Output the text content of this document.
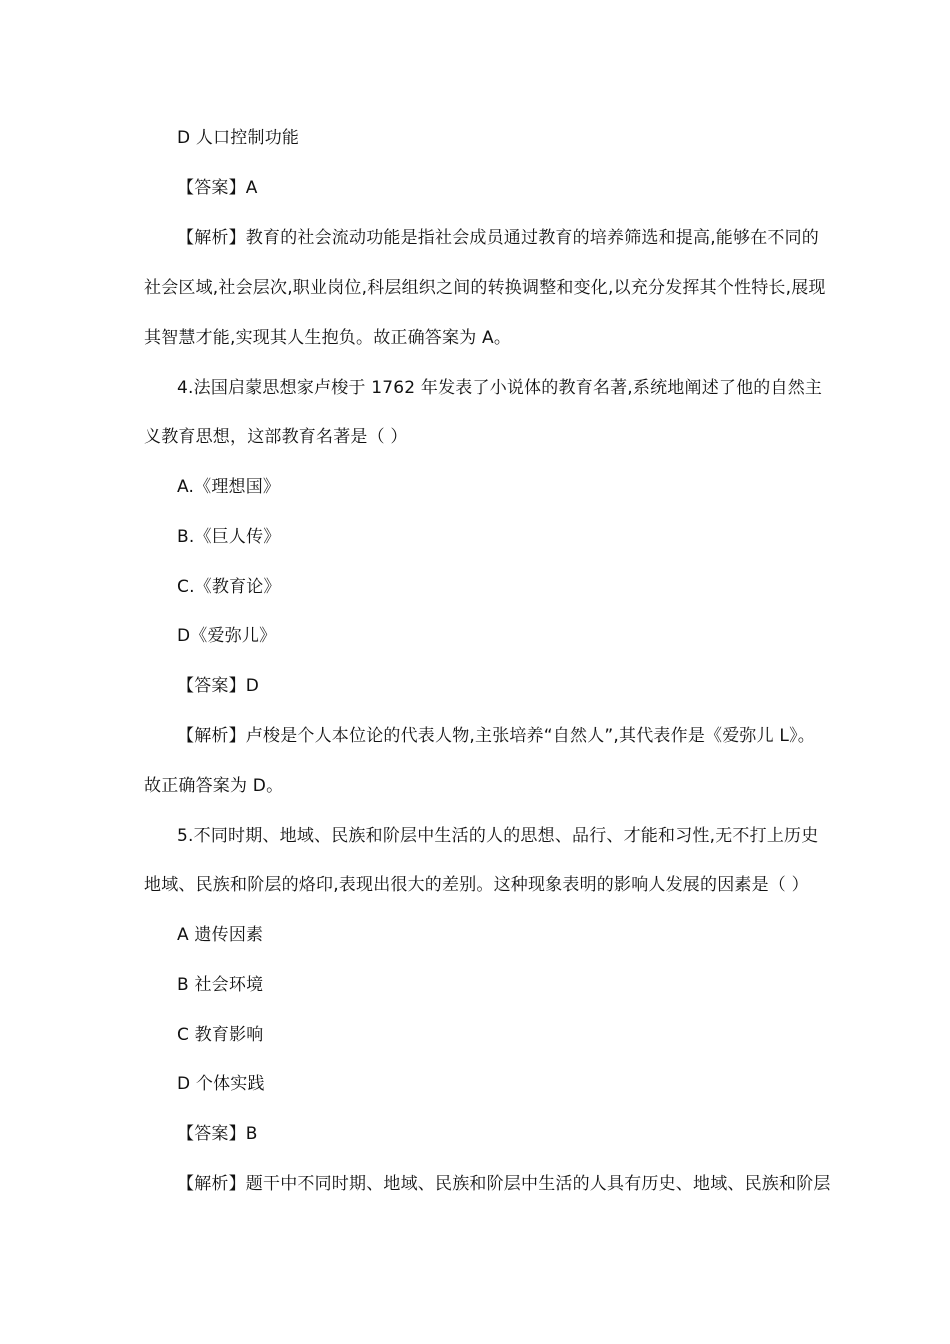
D 人口控制功能
【答案】A
【解析】教育的社会流动功能是指社会成员通过教育的培养筛选和提高,能够在不同的
社会区域,社会层次,职业岗位,科层组织之间的转换调整和变化,以充分发挥其个性特长,展现
其智慧才能,实现其人生抱负。故正确答案为 A。
4.法国启蒙思想家卢梭于 1762 年发表了小说体的教育名著,系统地阐述了他的自然主
义教育思想，这部教育名著是（ ）
A.《理想国》
B.《巨人传》
C.《教育论》
D《爱弥儿》
【答案】D
【解析】卢梭是个人本位论的代表人物,主张培养“自然人”,其代表作是《爱弥儿 L》。
故正确答案为 D。
5.不同时期、地域、民族和阶层中生活的人的思想、品行、才能和习性,无不打上历史
地域、民族和阶层的烙印,表现出很大的差别。这种现象表明的影响人发展的因素是（ ）
A 遗传因素
B 社会环境
C 教育影响
D 个体实践
【答案】B
【解析】题干中不同时期、地域、民族和阶层中生活的人具有历史、地域、民族和阶层
